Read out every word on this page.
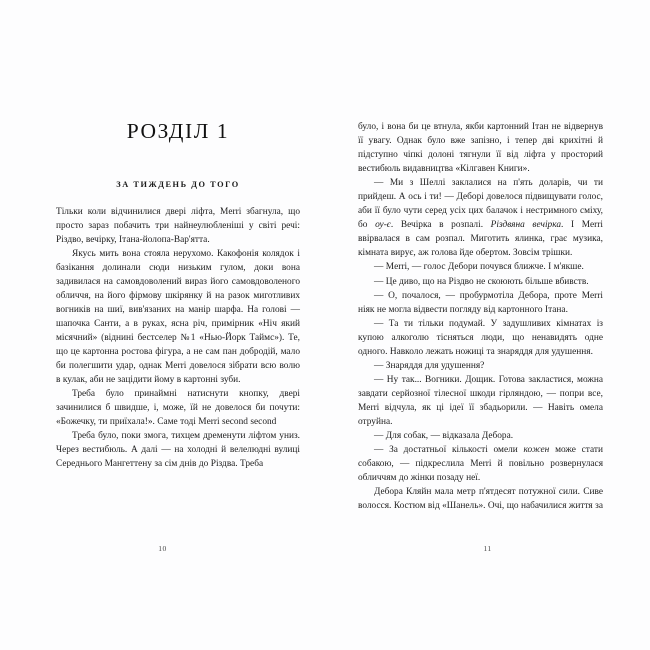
РОЗДІЛ 1
ЗА ТИЖДЕНЬ ДО ТОГО

Тільки коли відчинилися двері ліфта, Мerri збагнула, що просто зараз побачить три найнеулюбленіші у світі речі: Різдво, вечірку, Ітана-йолопа-Вар'ятта.

Якусь мить вона стояла нерухомо. Какофонія колядок і базікання долинали сюди низьким гулом, доки вона задивилася на самовдоволений вираз його самовдоволеного обличчя, на його фірмову шкірянку й на разок миготливих вогників на шиї, вив'язаних на манір шарфа. На голові — шапочка Санти, а в руках, ясна річ, примірник «Ніч який місячний» (віднині бестселер №1 «Нью-Йорк Таймс»). Те, що це картонна ростова фігура, а не сам пан добродій, мало би полегшити удар, однак Мerri довелося зібрати всю волю в кулак, аби не зацідити йому в картонні зуби.

Треба було принаймні натиснути кнопку, двері зачинилися б швидше, і, може, їй не довелося би почути: «Божечку, ти приїхала!». Саме тоді Мerri second second

Треба було, поки змога, тихцем дременути ліфтом униз. Через вестибюль. А далі — на холодні й велелюдні вулиці Середнього Мангеттену за сім днів до Різдва. Треба

10

було, і вона би це втнула, якби картонний Ітан не відвернув її увагу. Однак було вже запізно, і тепер дві крихітні й підступно чіпкі долоні тягнули її від ліфта у просторий вестибюль видавництва «Кілгавен Книги».

— Ми з Шеллі заклалися на п'ять доларів, чи ти прийдеш. А ось і ти! — Деборі довелося підвищувати голос, аби її було чути серед усіх цих балачок і нестримного сміху, бо оу-є. Вечірка в розпалі. Різдвяна вечірка. І Мerri ввірвалася в сам розпал. Миготить ялинка, грає музика, кімната вирує, аж голова йде обертом. Зовсім трішки.

— Мerri, — голос Дебори почувся ближче. І м'якше.

— Це диво, що на Різдво не скоюють більше вбивств.

— О, почалося, — пробурмотіла Дебора, проте Мerri ніяк не могла відвести погляду від картонного Ітана.

— Та ти тільки подумай. У задушливих кімнатах із купою алкоголю тісняться люди, що ненавидять одне одного. Навколо лежать ножиці та знаряддя для удушення.

— Знаряддя для удушення?

— Ну так... Вогники. Дощик. Готова закластися, можна завдати серйозної тілесної шкоди гірляндою, — попри все, Мerri відчула, як ці ідеї її збадьорили. — Навіть омела отруйна.

— Для собак, — відказала Дебора.

— За достатньої кількості омели кожен може стати собакою, — підкреслила Мerri й повільно розвернулася обличчям до жінки позаду неї.

Дебора Кляйн мала метр п'ятдесят потужної сили. Сиве волосся. Костюм від «Шанель». Очі, що набачилися життя за

11
